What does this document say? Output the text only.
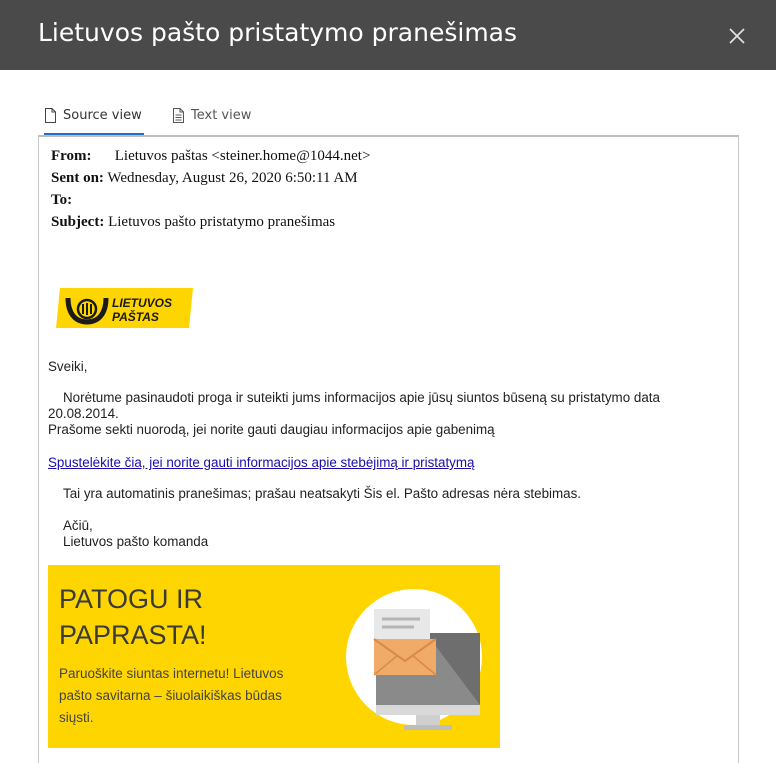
Lietuvos pašto pristatymo pranešimas
Source view	Text view
From: Lietuvos paštas <steiner.home@1044.net>
Sent on: Wednesday, August 26, 2020 6:50:11 AM
To:
Subject: Lietuvos pašto pristatymo pranešimas
LIETUVOS
PAŠTAS
Sveiki,
Norėtume pasinaudoti proga ir suteikti jums informacijos apie jūsų siuntos būseną su pristatymo data
20.08.2014.
Prašome sekti nuorodą, jei norite gauti daugiau informacijos apie gabenimą
Spustelėkite čia, jei norite gauti informacijos apie stebėjimą ir pristatymą
Tai yra automatinis pranešimas; prašau neatsakyti Šis el. Pašto adresas nėra stebimas.
Ačiū,
Lietuvos pašto komanda
PATOGU IR
PAPRASTA!
Paruoškite siuntas internetu! Lietuvos pašto savitarna – šiuolaikiškas būdas siųsti.
